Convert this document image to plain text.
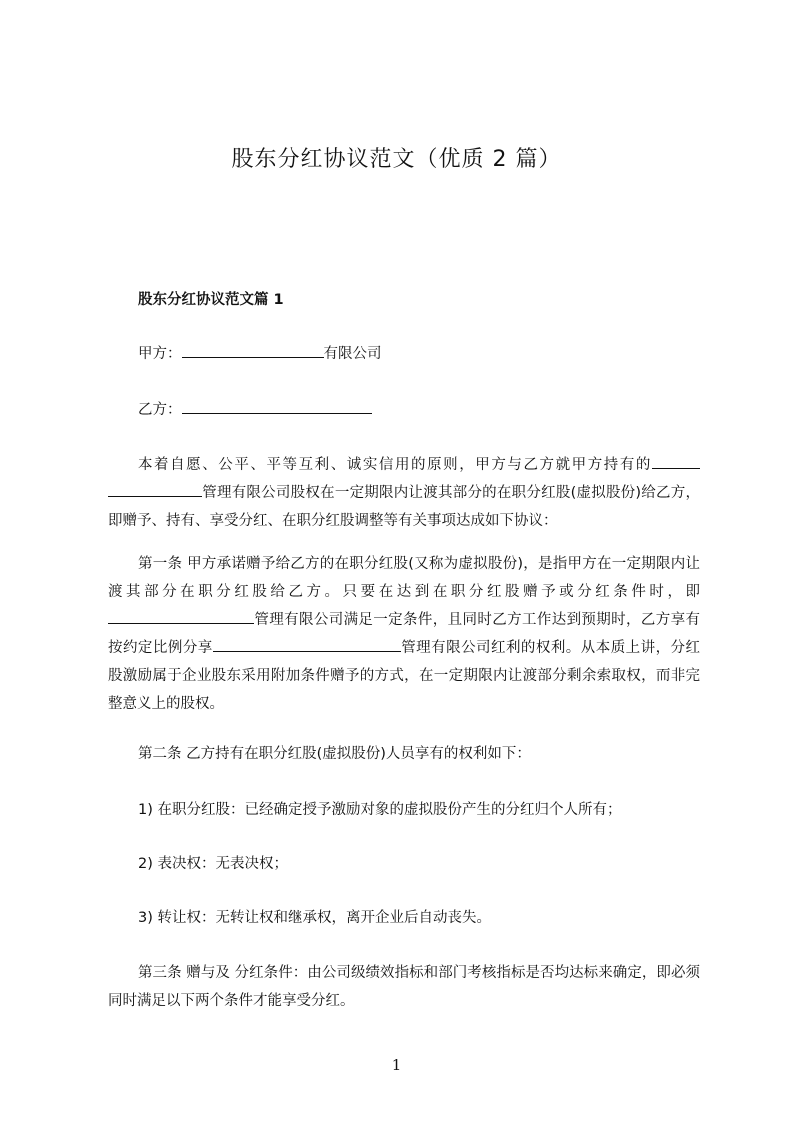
股东分红协议范文（优质 2 篇）
股东分红协议范文篇 1
甲方：	有限公司
乙方：
本着自愿、公平、平等互利、诚实信用的原则，甲方与乙方就甲方持有的管理有限公司股权在一定期限内让渡其部分的在职分红股(虚拟股份)给乙方，即赠予、持有、享受分红、在职分红股调整等有关事项达成如下协议：
第一条 甲方承诺赠予给乙方的在职分红股(又称为虚拟股份)，是指甲方在一定期限内让渡其部分在职分红股给乙方。只要在达到在职分红股赠予或分红条件时，即管理有限公司满足一定条件，且同时乙方工作达到预期时，乙方享有按约定比例分享	管理有限公司红利的权利。从本质上讲，分红股激励属于企业股东采用附加条件赠予的方式，在一定期限内让渡部分剩余索取权，而非完整意义上的股权。
第二条 乙方持有在职分红股(虚拟股份)人员享有的权利如下：
1) 在职分红股：已经确定授予激励对象的虚拟股份产生的分红归个人所有；
2) 表决权：无表决权；
3) 转让权：无转让权和继承权，离开企业后自动丧失。
第三条 赠与及 分红条件：由公司级绩效指标和部门考核指标是否均达标来确定，即必须同时满足以下两个条件才能享受分红。
1
